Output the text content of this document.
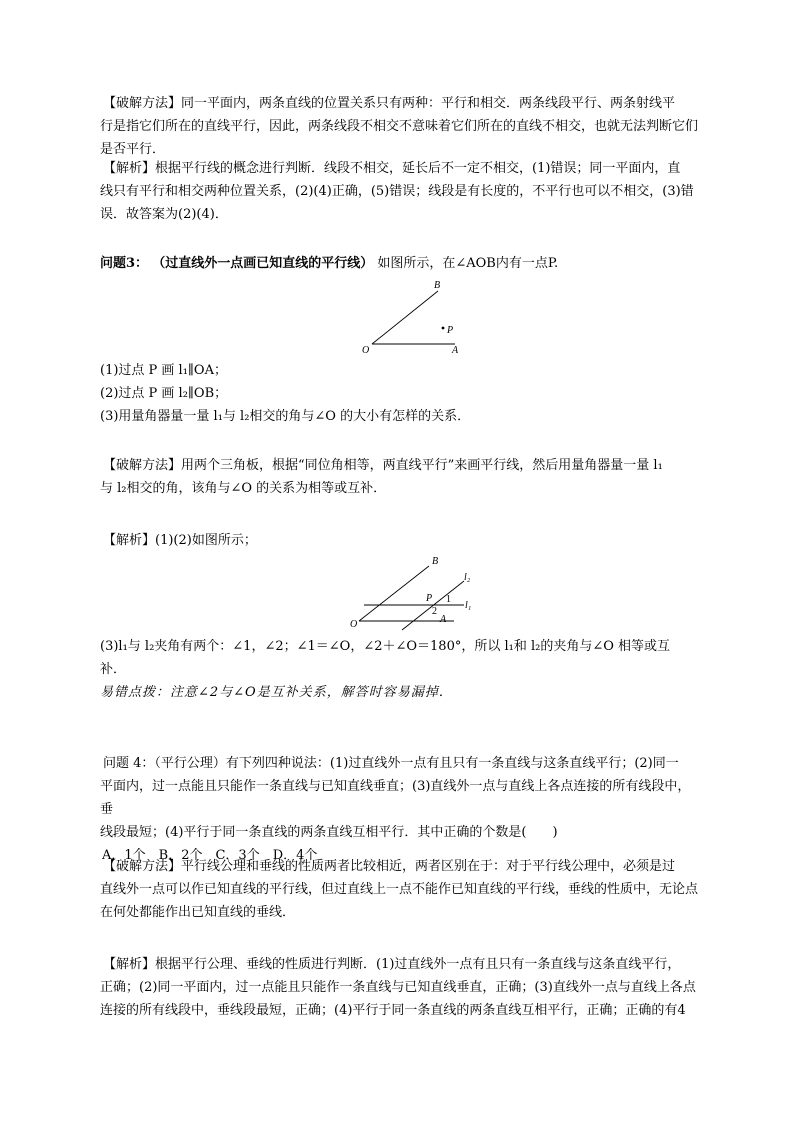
【破解方法】同一平面内，两条直线的位置关系只有两种：平行和相交．两条线段平行、两条射线平

行是指它们所在的直线平行，因此，两条线段不相交不意味着它们所在的直线不相交，也就无法判断它们

是否平行．

【解析】根据平行线的概念进行判断．线段不相交，延长后不一定不相交，(1)错误；同一平面内，直

线只有平行和相交两种位置关系，(2)(4)正确，(5)错误；线段是有长度的，不平行也可以不相交，(3)错

误．故答案为(2)(4)．

问题3： （过直线外一点画已知直线的平行线） 如图所示，在∠AOB内有一点P.

B
P
O	A

(1)过点 P 画 l₁∥OA；

(2)过点 P 画 l₂∥OB；

(3)用量角器量一量 l₁与 l₂相交的角与∠O 的大小有怎样的关系．

【破解方法】用两个三角板，根据“同位角相等，两直线平行”来画平行线，然后用量角器量一量 l₁

与 l₂相交的角，该角与∠O 的关系为相等或互补．

【解析】(1)(2)如图所示；

B
l₂
P 1
l₁
2
O	A

(3)l₁与 l₂夹角有两个：∠1，∠2；∠1＝∠O，∠2＋∠O＝180°，所以 l₁和 l₂的夹角与∠O 相等或互

补．

易错点拨：注意∠2与∠O是互补关系，解答时容易漏掉．

问题 4：（平行公理）有下列四种说法：(1)过直线外一点有且只有一条直线与这条直线平行；(2)同一

平面内，过一点能且只能作一条直线与已知直线垂直；(3)直线外一点与直线上各点连接的所有线段中，垂

线段最短；(4)平行于同一条直线的两条直线互相平行．其中正确的个数是(　　)

A．1个　B．2个　C．3个　D．4个

【破解方法】平行线公理和垂线的性质两者比较相近，两者区别在于：对于平行线公理中，必须是过

直线外一点可以作已知直线的平行线，但过直线上一点不能作已知直线的平行线，垂线的性质中，无论点

在何处都能作出已知直线的垂线．

【解析】根据平行公理、垂线的性质进行判断．(1)过直线外一点有且只有一条直线与这条直线平行，

正确；(2)同一平面内，过一点能且只能作一条直线与已知直线垂直，正确；(3)直线外一点与直线上各点

连接的所有线段中，垂线段最短，正确；(4)平行于同一条直线的两条直线互相平行，正确；正确的有4
